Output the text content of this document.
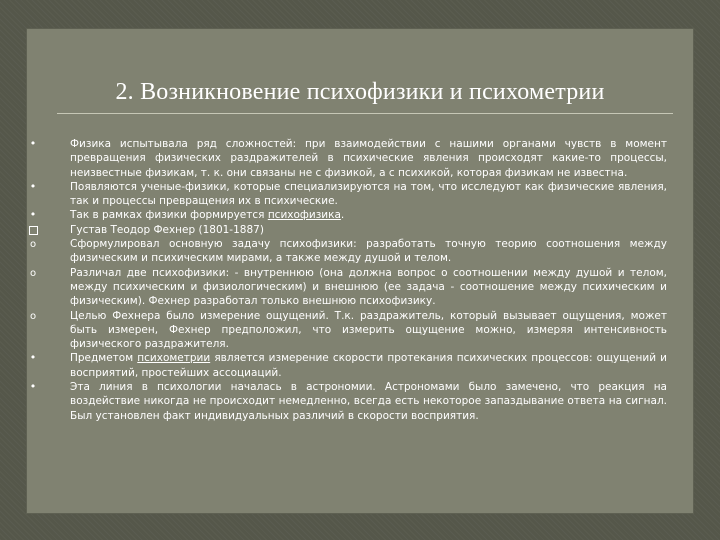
2. Возникновение психофизики и психометрии
•
Физика испытывала ряд сложностей: при взаимодействии с нашими органами чувств в момент превращения физических раздражителей в психические явления происходят какие-то процессы, неизвестные физикам, т. к. они связаны не с физикой, а с психикой, которая физикам не известна.
•
Появляются ученые-физики, которые специализируются на том, что исследуют как физические явления, так и процессы превращения их в психические.
•
Так в рамках физики формируется психофизика.
Густав Теодор Фехнер (1801-1887)
o
Сформулировал основную задачу психофизики: разработать точную теорию соотношения между физическим и психическим мирами, а также между душой и телом.
o
Различал две психофизики: - внутреннюю (она должна вопрос о соотношении между душой и телом, между психическим и физиологическим) и внешнюю (ее задача - соотношение между психическим и физическим). Фехнер разработал только внешнюю психофизику.
o
Целью Фехнера было измерение ощущений. Т.к. раздражитель, который вызывает ощущения, может быть измерен, Фехнер предположил, что измерить ощущение можно, измеряя интенсивность физического раздражителя.
•
Предметом психометрии является измерение скорости протекания психических процессов: ощущений и восприятий, простейших ассоциаций.
•
Эта линия в психологии началась в астрономии. Астрономами было замечено, что реакция на воздействие никогда не происходит немедленно, всегда есть некоторое запаздывание ответа на сигнал. Был установлен факт индивидуальных различий в скорости восприятия.
